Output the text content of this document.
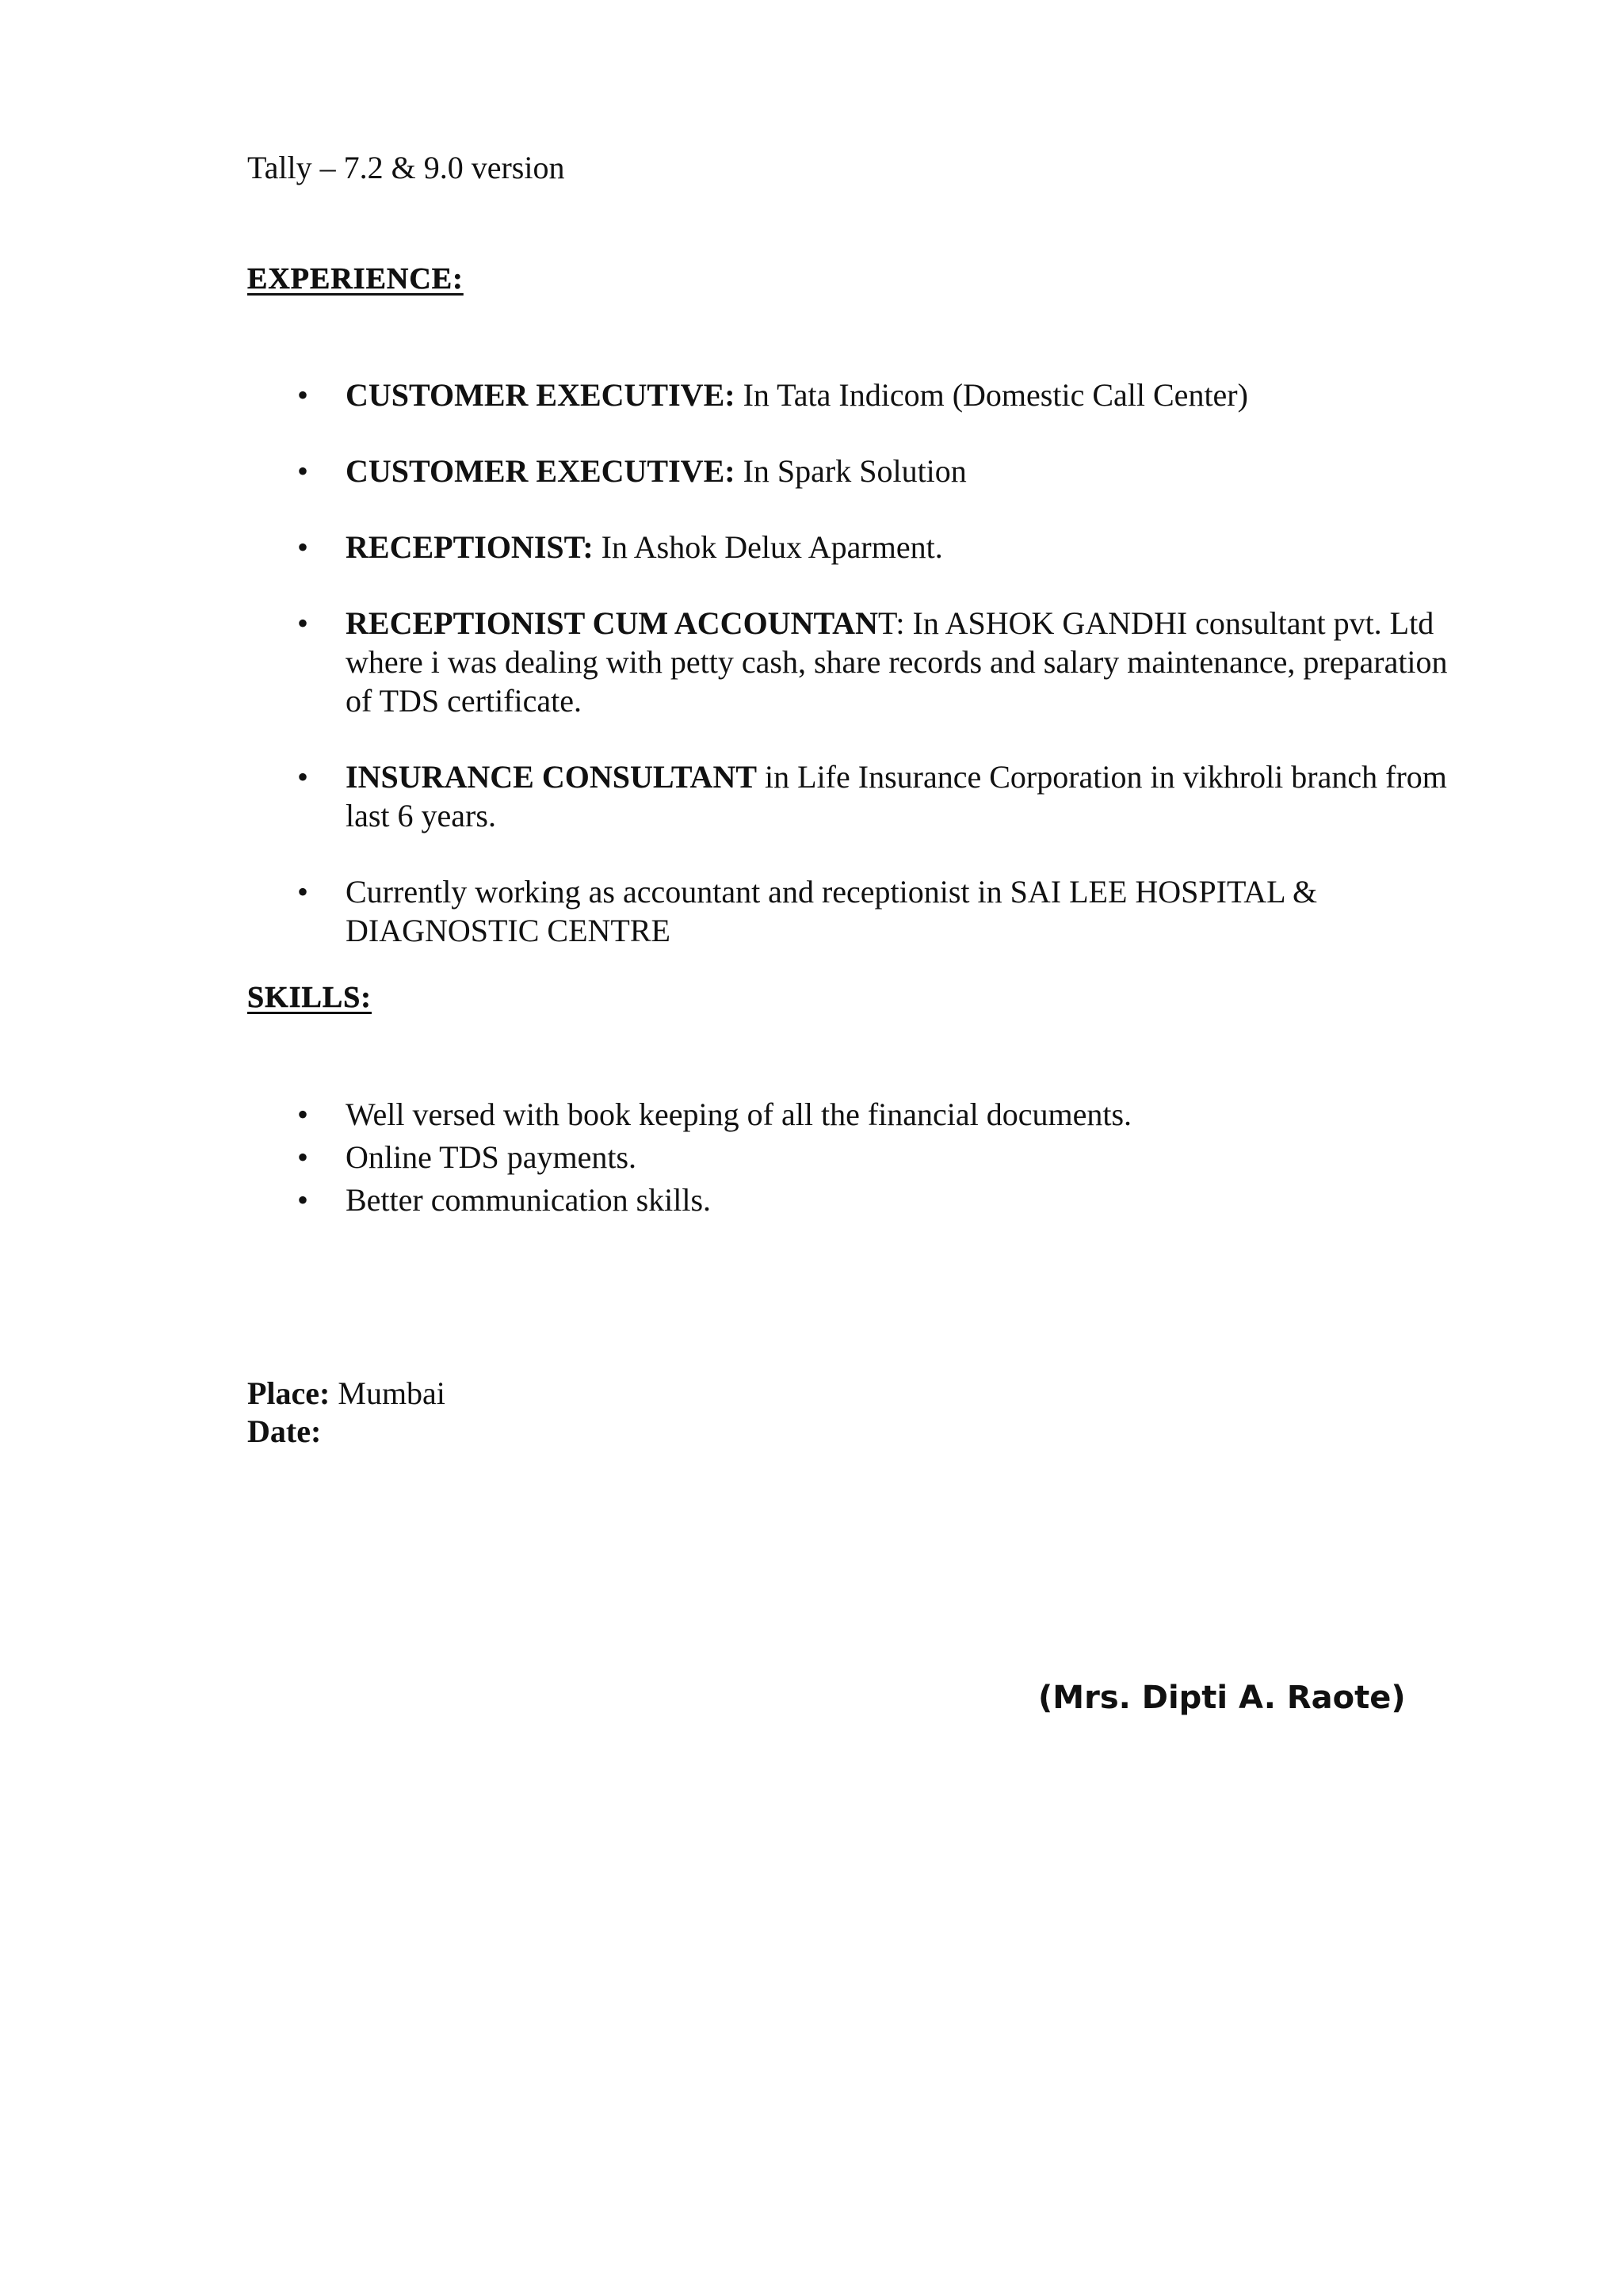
Tally – 7.2 & 9.0 version
EXPERIENCE:
• CUSTOMER EXECUTIVE: In Tata Indicom (Domestic Call Center)
• CUSTOMER EXECUTIVE: In Spark Solution
• RECEPTIONIST: In Ashok Delux Aparment.
• RECEPTIONIST CUM ACCOUNTANT: In ASHOK GANDHI consultant pvt. Ltd where i was dealing with petty cash, share records and salary maintenance, preparation of TDS certificate.
• INSURANCE CONSULTANT in Life Insurance Corporation in vikhroli branch from last 6 years.
• Currently working as accountant and receptionist in SAI LEE HOSPITAL & DIAGNOSTIC CENTRE
SKILLS:
• Well versed with book keeping of all the financial documents.
• Online TDS payments.
• Better communication skills.
Place: Mumbai
Date:
(Mrs. Dipti A. Raote)
